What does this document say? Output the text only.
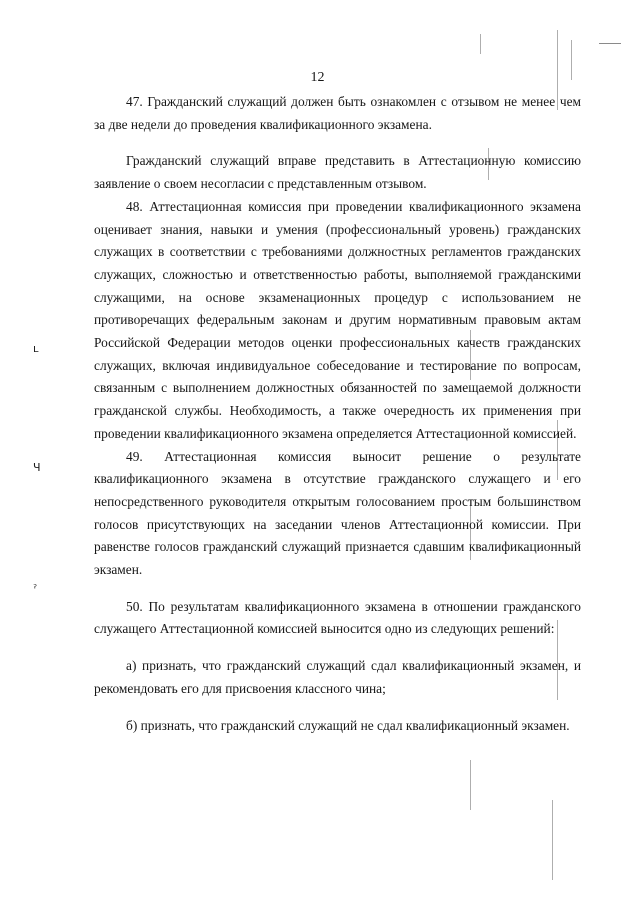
ʟ
Ч
ˀ
12

47. Гражданский служащий должен быть ознакомлен с отзывом не менее чем за две недели до проведения квалификационного экзамена.

Гражданский служащий вправе представить в Аттестационную комиссию заявление о своем несогласии с представленным отзывом.

48. Аттестационная комиссия при проведении квалификационного экзамена оценивает знания, навыки и умения (профессиональный уровень) гражданских служащих в соответствии с требованиями должностных регламентов гражданских служащих, сложностью и ответственностью работы, выполняемой гражданскими служащими, на основе экзаменационных процедур с использованием не противоречащих федеральным законам и другим нормативным правовым актам Российской Федерации методов оценки профессиональных качеств гражданских служащих, включая индивидуальное собеседование и тестирование по вопросам, связанным с выполнением должностных обязанностей по замещаемой должности гражданской службы. Необходимость, а также очередность их применения при проведении квалификационного экзамена определяется Аттестационной комиссией.

49. Аттестационная комиссия выносит решение о результате квалификационного экзамена в отсутствие гражданского служащего и его непосредственного руководителя открытым голосованием простым большинством голосов присутствующих на заседании членов Аттестационной комиссии. При равенстве голосов гражданский служащий признается сдавшим квалификационный экзамен.

50. По результатам квалификационного экзамена в отношении гражданского служащего Аттестационной комиссией выносится одно из следующих решений:

а) признать, что гражданский служащий сдал квалификационный экзамен, и рекомендовать его для присвоения классного чина;

б) признать, что гражданский служащий не сдал квалификационный экзамен.
